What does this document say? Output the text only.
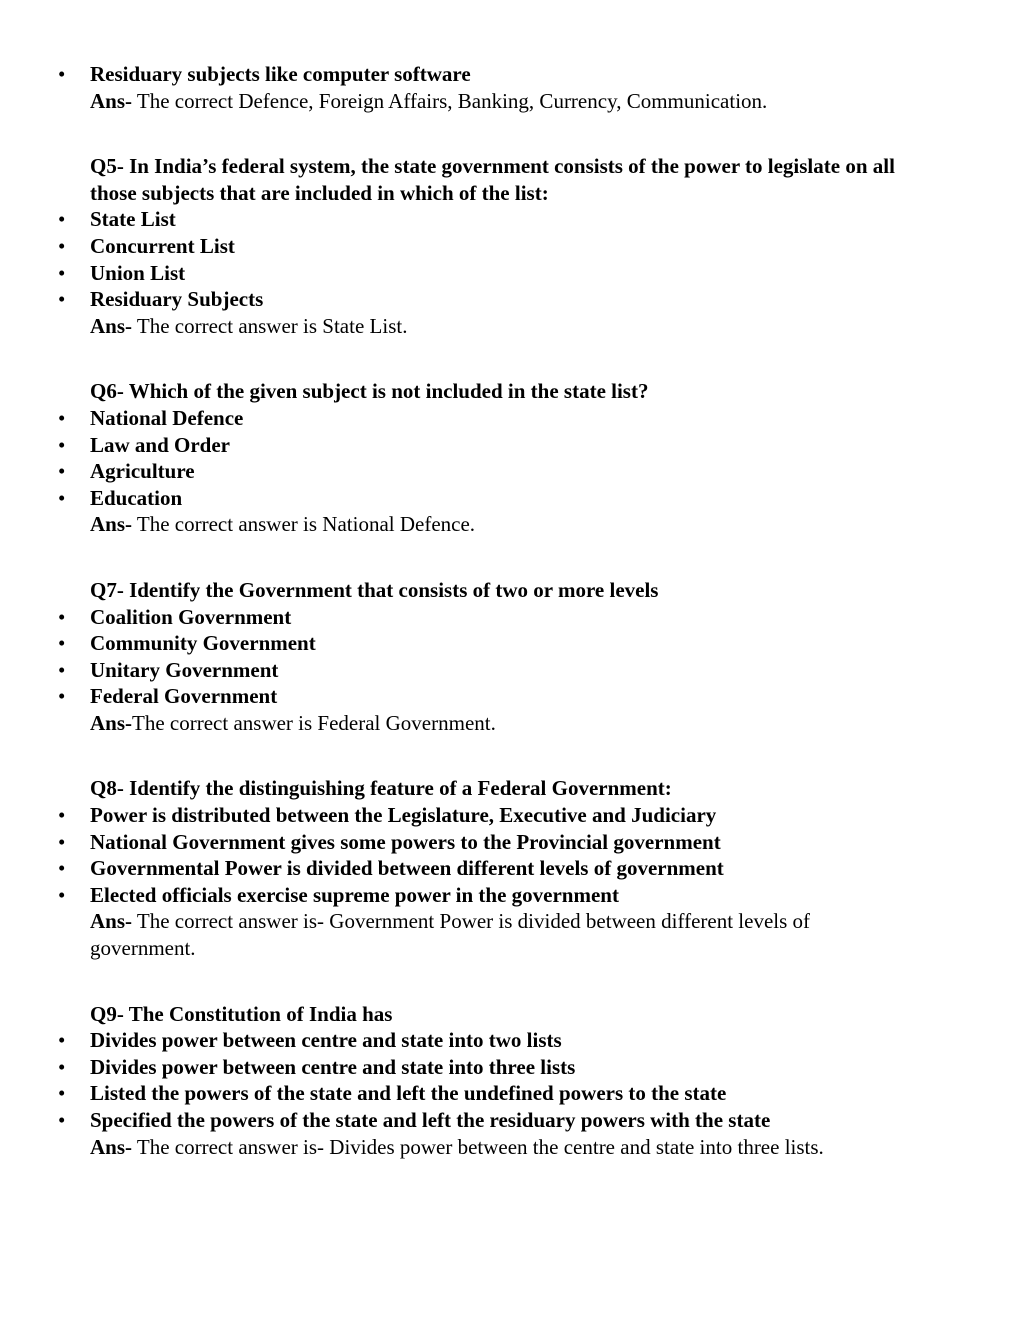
• Residuary subjects like computer software
Ans- The correct Defence, Foreign Affairs, Banking, Currency, Communication.
Q5- In India’s federal system, the state government consists of the power to legislate on all those subjects that are included in which of the list:
• State List
• Concurrent List
• Union List
• Residuary Subjects
Ans- The correct answer is State List.
Q6- Which of the given subject is not included in the state list?
• National Defence
• Law and Order
• Agriculture
• Education
Ans- The correct answer is National Defence.
Q7- Identify the Government that consists of two or more levels
• Coalition Government
• Community Government
• Unitary Government
• Federal Government
Ans-The correct answer is Federal Government.
Q8- Identify the distinguishing feature of a Federal Government:
• Power is distributed between the Legislature, Executive and Judiciary
• National Government gives some powers to the Provincial government
• Governmental Power is divided between different levels of government
• Elected officials exercise supreme power in the government
Ans- The correct answer is- Government Power is divided between different levels of government.
Q9- The Constitution of India has
• Divides power between centre and state into two lists
• Divides power between centre and state into three lists
• Listed the powers of the state and left the undefined powers to the state
• Specified the powers of the state and left the residuary powers with the state
Ans- The correct answer is- Divides power between the centre and state into three lists.
